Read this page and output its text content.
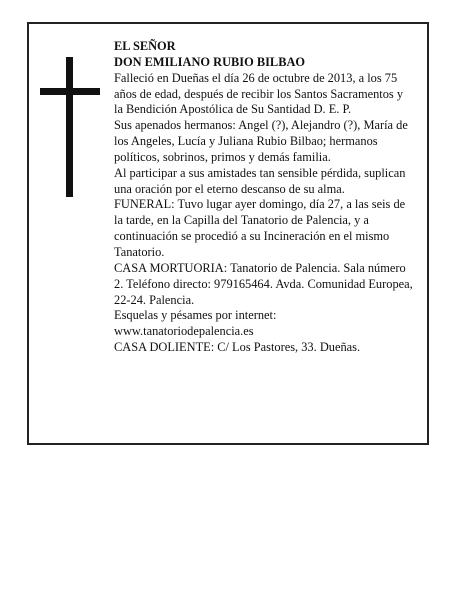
EL SEÑOR

DON EMILIANO RUBIO BILBAO

Falleció en Dueñas el día 26 de octubre de 2013, a los 75 años de edad, después de recibir los Santos Sacramentos y la Bendición Apostólica de Su Santidad D. E. P.

Sus apenados hermanos: Angel (?), Alejandro (?), María de los Angeles, Lucía y Juliana Rubio Bilbao; hermanos políticos, sobrinos, primos y demás familia.

Al participar a sus amistades tan sensible pérdida, suplican una oración por el eterno descanso de su alma.

FUNERAL: Tuvo lugar ayer domingo, día 27, a las seis de la tarde, en la Capilla del Tanatorio de Palencia, y a continuación se procedió a su Incineración en el mismo Tanatorio.

CASA MORTUORIA: Tanatorio de Palencia. Sala número 2. Teléfono directo: 979165464. Avda. Comunidad Europea, 22-24. Palencia.

Esquelas y pésames por internet:

www.tanatoriodepalencia.es

CASA DOLIENTE: C/ Los Pastores, 33. Dueñas.
